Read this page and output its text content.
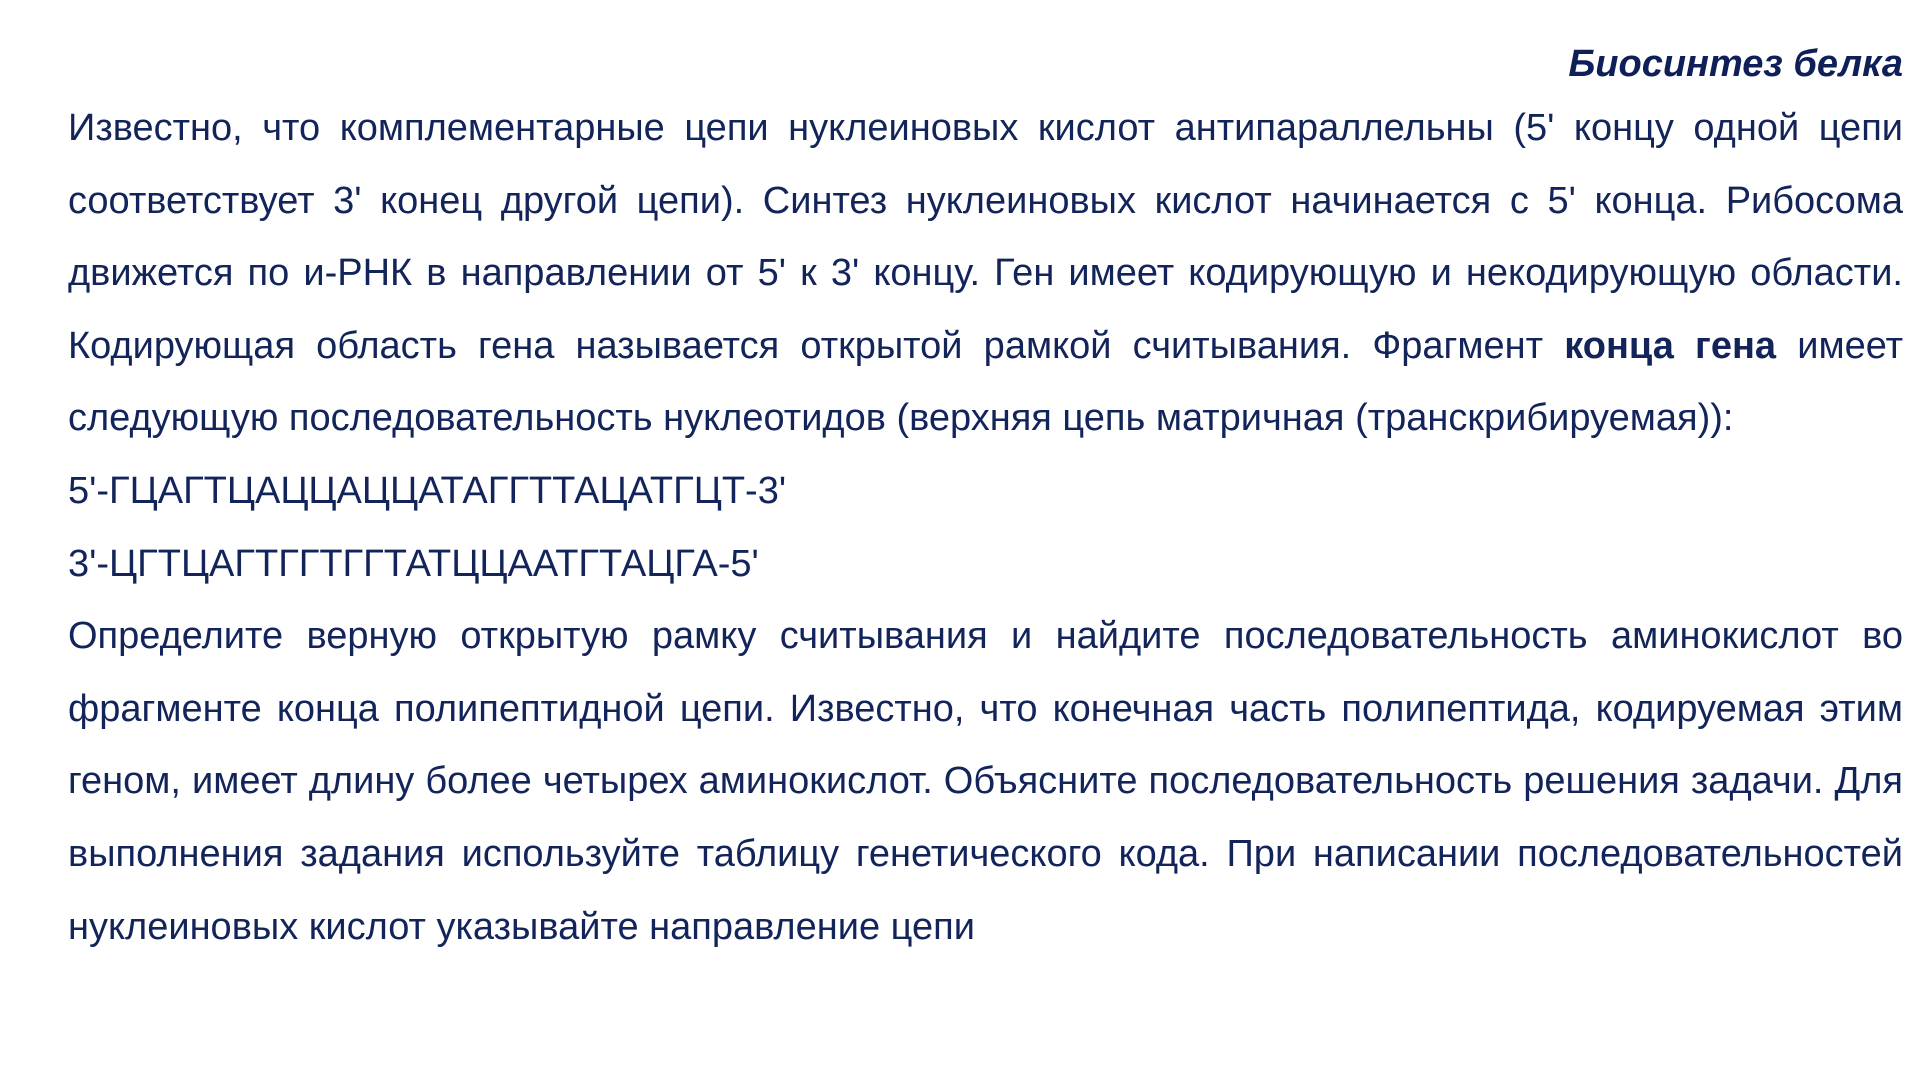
Биосинтез белка

Известно, что комплементарные цепи нуклеиновых кислот антипараллельны (5' концу одной цепи соответствует 3' конец другой цепи). Синтез нуклеиновых кислот начинается с 5' конца. Рибосома движется по и-РНК в направлении от 5' к 3' концу. Ген имеет кодирующую и некодирующую области. Кодирующая область гена называется открытой рамкой считывания. Фрагмент конца гена имеет следующую последовательность нуклеотидов (верхняя цепь матричная (транскрибируемая)):

5'-ГЦАГТЦАЦЦАЦЦАТАГГТТАЦАТГЦТ-3'

3'-ЦГТЦАГТГГТГГТАТЦЦААТГТАЦГА-5'

Определите верную открытую рамку считывания и найдите последовательность аминокислот во фрагменте конца полипептидной цепи. Известно, что конечная часть полипептида, кодируемая этим геном, имеет длину более четырех аминокислот. Объясните последовательность решения задачи. Для выполнения задания используйте таблицу генетического кода. При написании последовательностей нуклеиновых кислот указывайте направление цепи
